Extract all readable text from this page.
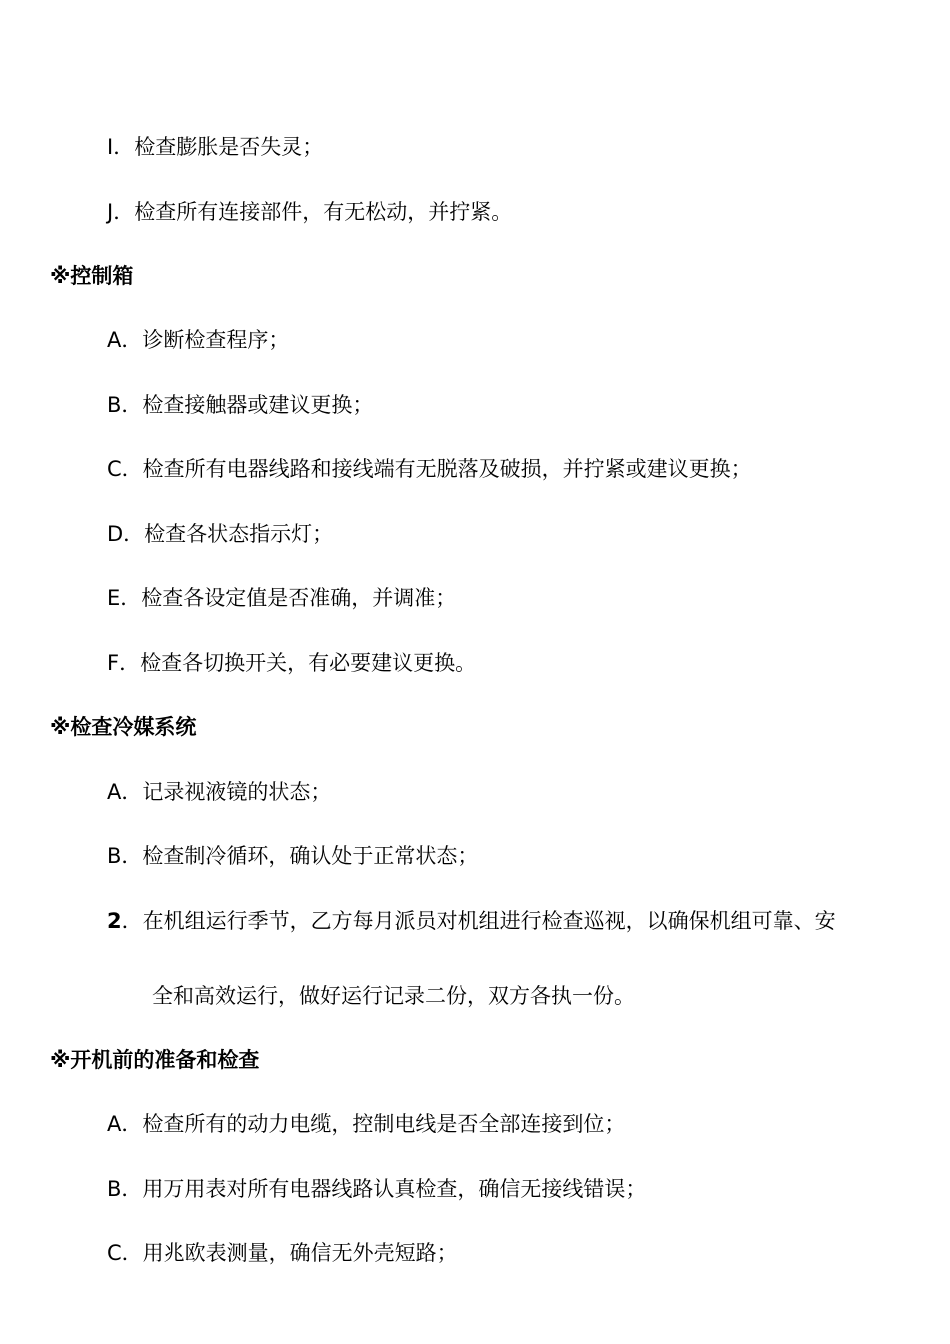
I．检查膨胀是否失灵；
J．检查所有连接部件，有无松动，并拧紧。
※控制箱
A．诊断检查程序；
B．检查接触器或建议更换；
C．检查所有电器线路和接线端有无脱落及破损，并拧紧或建议更换；
D．检查各状态指示灯；
E．检查各设定值是否准确，并调准；
F．检查各切换开关，有必要建议更换。
※检查冷媒系统
A．记录视液镜的状态；
B．检查制冷循环，确认处于正常状态；
2．在机组运行季节，乙方每月派员对机组进行检查巡视，以确保机组可靠、安
全和高效运行，做好运行记录二份，双方各执一份。
※开机前的准备和检查
A．检查所有的动力电缆，控制电线是否全部连接到位；
B．用万用表对所有电器线路认真检查，确信无接线错误；
C．用兆欧表测量，确信无外壳短路；
